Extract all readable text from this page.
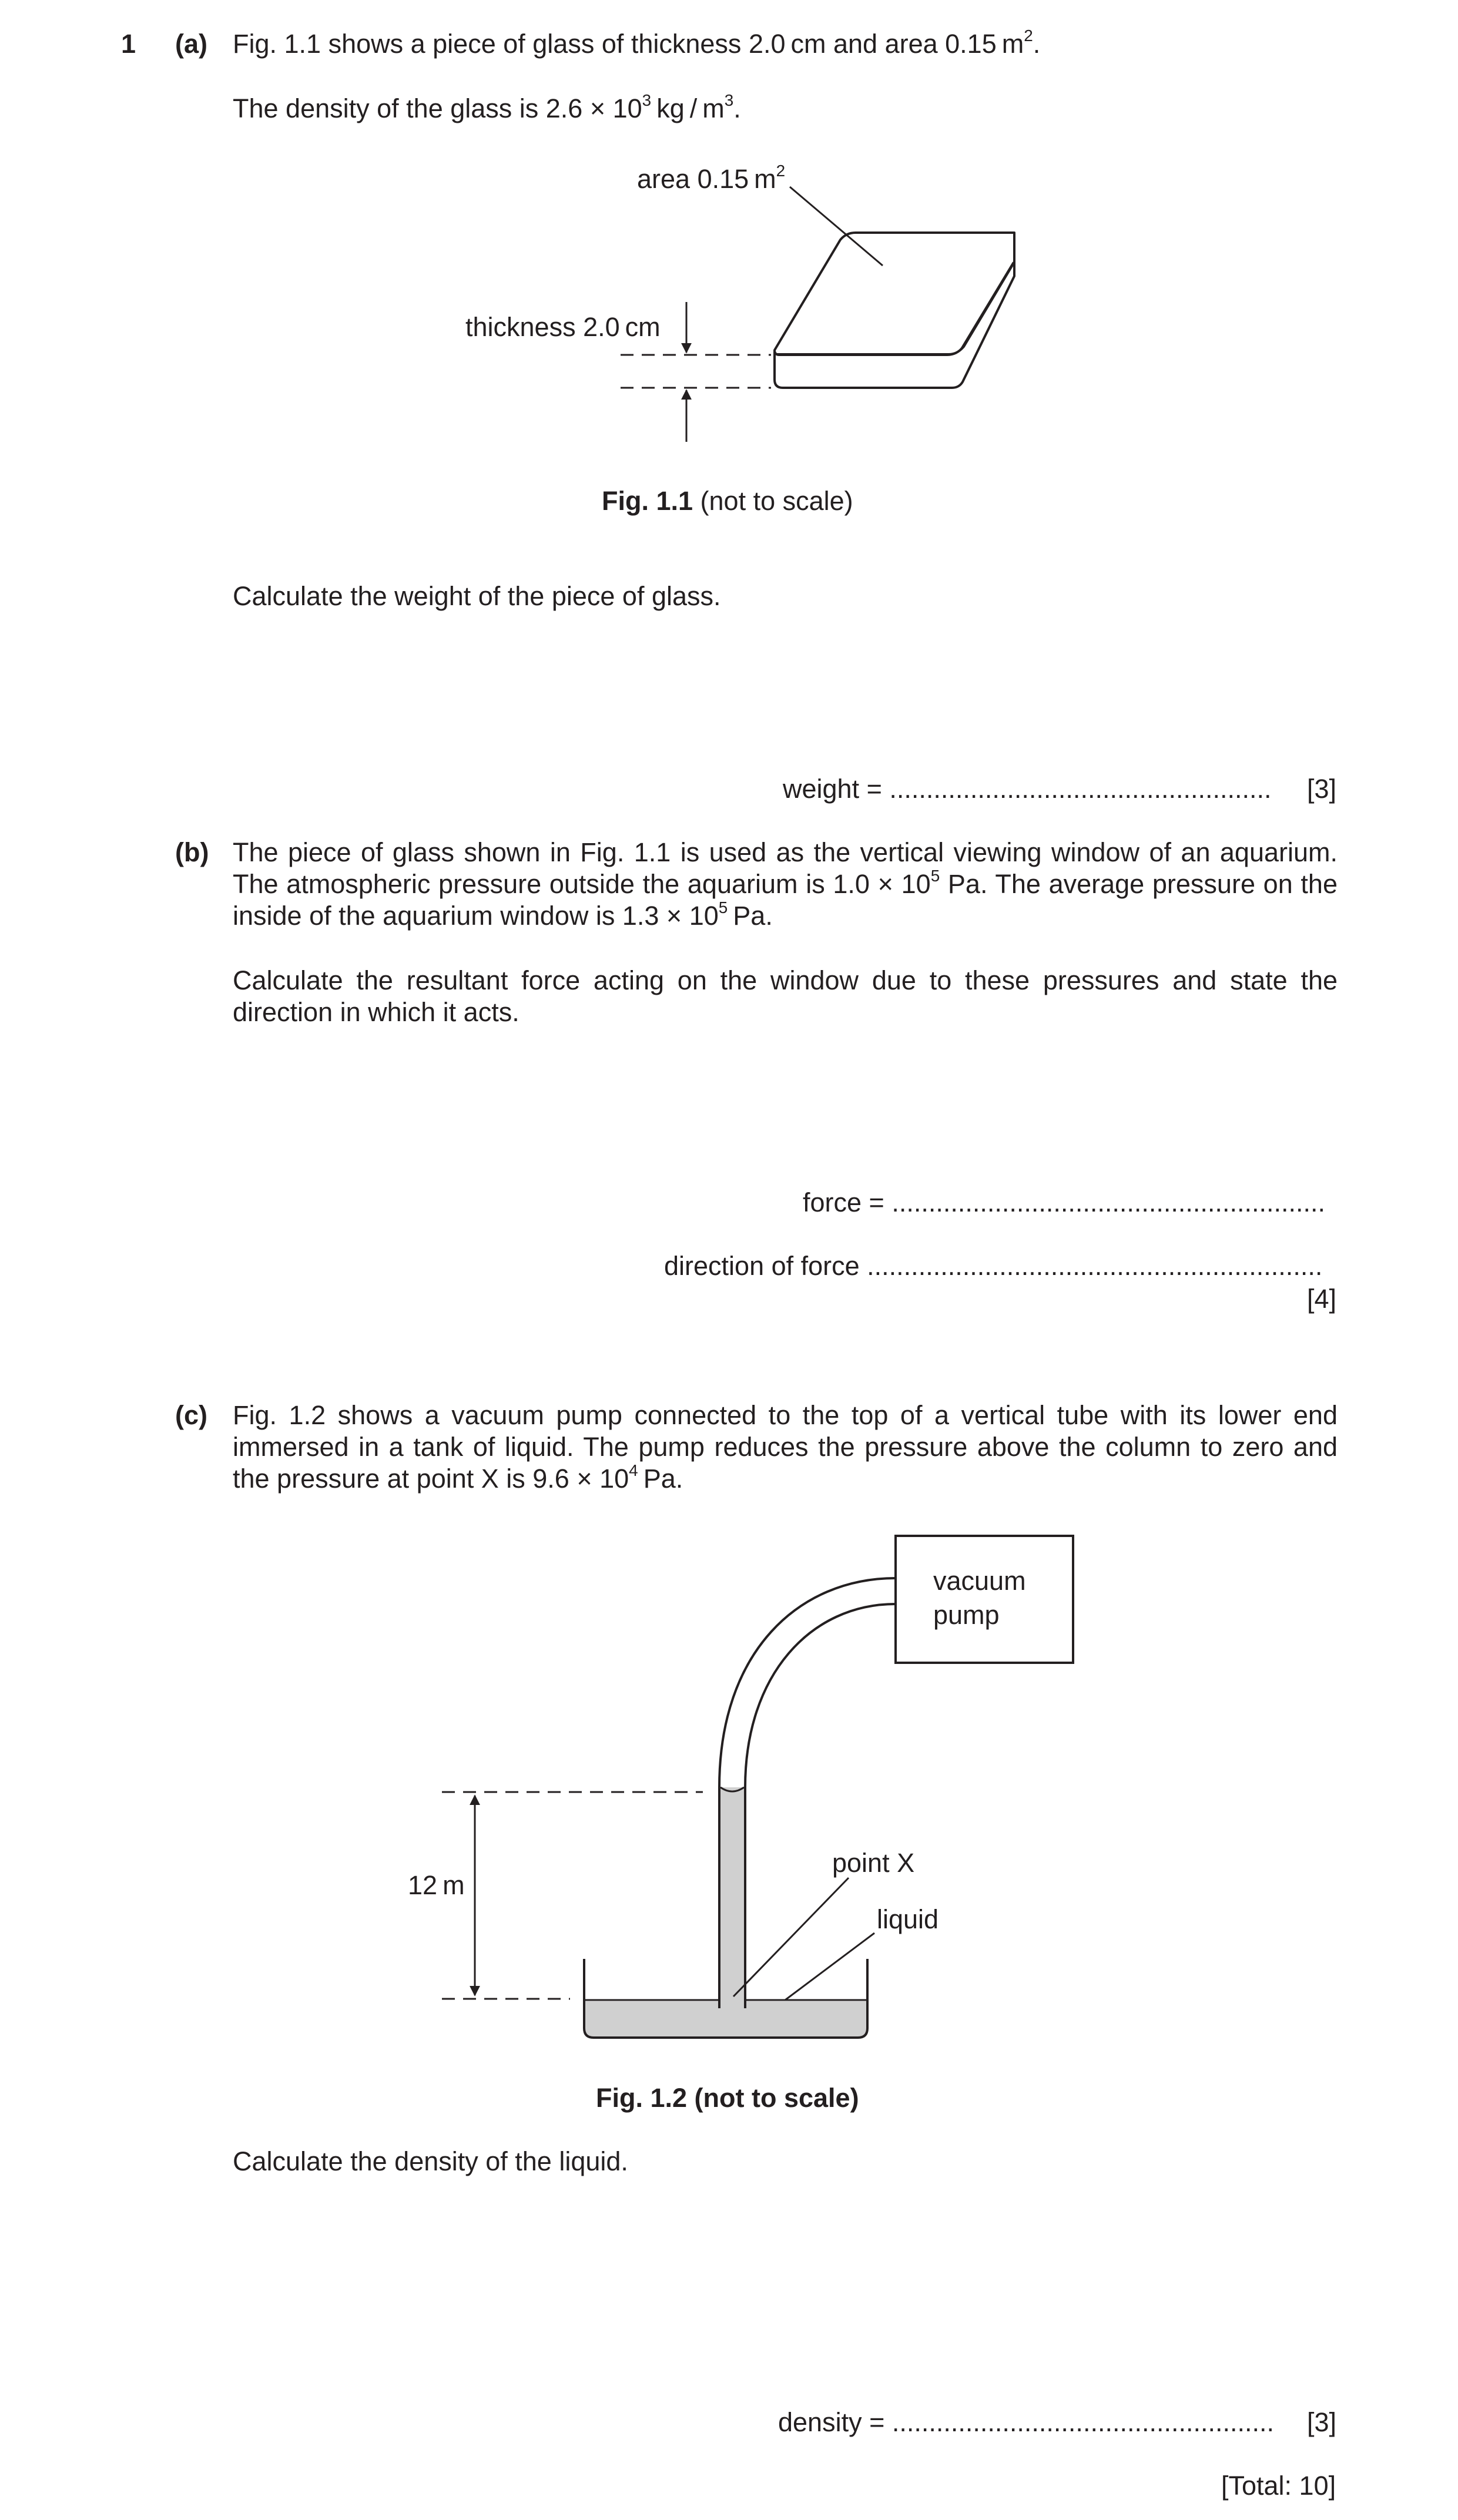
1 (a) Fig. 1.1 shows a piece of glass of thickness 2.0 cm and area 0.15 $m^2$.
The density of the glass is $2.6 \times 10^3$ kg / $m^3$.
area 0.15 $m^2$
thickness 2.0 cm
Fig. 1.1 (not to scale)
Calculate the weight of the piece of glass.
weight = .................................................... [3]
(b) The piece of glass shown in Fig. 1.1 is used as the vertical viewing window of an aquarium. The atmospheric pressure outside the aquarium is $1.0 \times 10^5$ Pa. The average pressure on the inside of the aquarium window is $1.3 \times 10^5$ Pa.
Calculate the resultant force acting on the window due to these pressures and state the direction in which it acts.
force = ...........................................................
direction of force ..............................................................
[4]
(c) Fig. 1.2 shows a vacuum pump connected to the top of a vertical tube with its lower end immersed in a tank of liquid. The pump reduces the pressure above the column to zero and the pressure at point X is $9.6 \times 10^4$ Pa.
vacuum
pump
12 m
point X
liquid
Fig. 1.2 (not to scale)
Calculate the density of the liquid.
density = .................................................... [3]
[Total: 10]
